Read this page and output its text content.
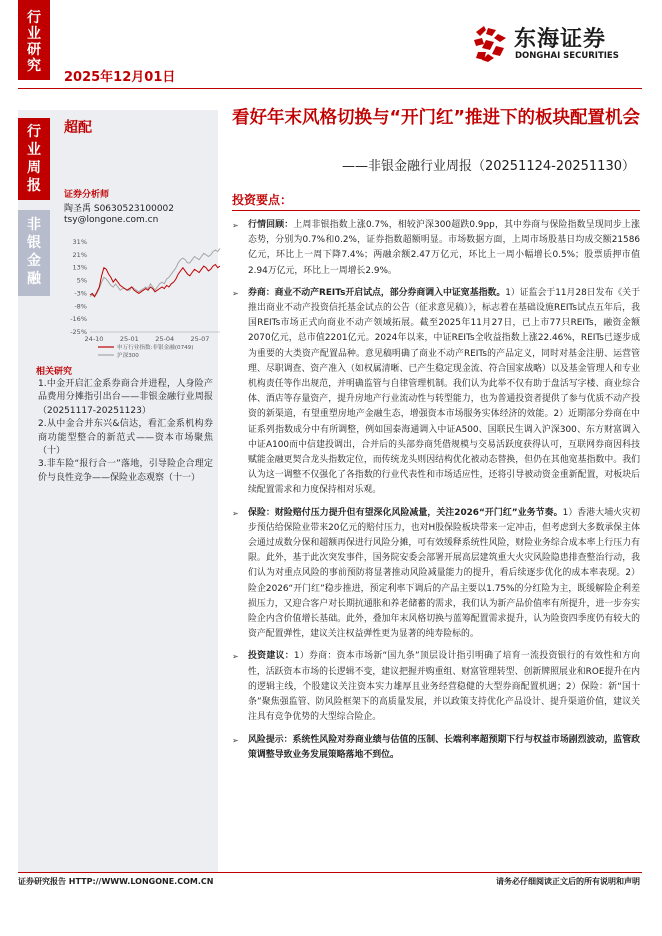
行
业
研
究
东海证券
DONGHAI SECURITIES
2025年12月01日
行
业
周
报
非
银
金
融
超配
证券分析师
陶圣禹 S0630523100002
tsy@longone.com.cn
31%
21%
13%
5%
-3%
-8%
-16%
-25%
24-10	25-01	25-04	25-07
申万行业指数:非银金融(0749)
沪深300
相关研究

1.中金开启汇金系券商合并进程，人身险产品费用分摊指引出台——非银金融行业周报（20251117-20251123）

2.从中金合并东兴&信达，看汇金系机构券商功能型整合的新范式——资本市场聚焦（十）

3.非车险“报行合一”落地，引导险企合理定价与良性竞争——保险业态观察（十一）

看好年末风格切换与“开门红”推进下的板块配置机会
——非银金融行业周报（20251124-20251130）
投资要点：

➢ 行情回顾：上周非银指数上涨0.7%，相较沪深300超跌0.9pp，其中券商与保险指数呈现同步上涨态势，分别为0.7%和0.2%，证券指数超额明显。市场数据方面，上周市场股基日均成交额21586亿元，环比上一周下降7.4%；两融余额2.47万亿元，环比上一周小幅增长0.5%；股票质押市值2.94万亿元，环比上一周增长2.9%。

➢ 券商：商业不动产REITs开启试点，部分券商调入中证宽基指数。1）证监会于11月28日发布《关于推出商业不动产投资信托基金试点的公告（征求意见稿）》，标志着在基础设施REITs试点五年后，我国REITs市场正式向商业不动产领域拓展。截至2025年11月27日，已上市77只REITs，融资金额2070亿元，总市值2201亿元。2024年以来，中证REITs全收益指数上涨22.46%，REITs已逐步成为重要的大类资产配置品种。意见稿明确了商业不动产REITs的产品定义，同时对基金注册、运营管理、尽职调查、资产准入（如权属清晰、已产生稳定现金流、符合国家战略）以及基金管理人和专业机构责任等作出规范，并明确监管与自律管理机制。我们认为此举不仅有助于盘活写字楼、商业综合体、酒店等存量资产，提升房地产行业流动性与转型能力，也为普通投资者提供了参与优质不动产投资的新渠道，有望重塑房地产金融生态，增强资本市场服务实体经济的效能。2）近期部分券商在中证系列指数成分中有所调整，例如国泰海通调入中证A500、国联民生调入沪深300、东方财富调入中证A100而中信建投调出，合并后的头部券商凭借规模与交易活跃度获得认可，互联网券商因科技赋能金融更契合龙头指数定位，而传统龙头则因结构优化被动态替换，但仍在其他宽基指数中。我们认为这一调整不仅强化了各指数的行业代表性和市场适应性，还将引导被动资金重新配置，对板块后续配置需求和力度保持相对乐观。

➢ 保险：财险赔付压力提升但有望深化风险减量，关注2026“开门红”业务节奏。1）香港大埔火灾初步预估给保险业带来20亿元的赔付压力，也对H股保险板块带来一定冲击，但考虑到大多数承保主体会通过成数分保和超额再保进行风险分摊，可有效缓释系统性风险，财险业务综合成本率上行压力有限。此外，基于此次突发事件，国务院安委会部署开展高层建筑重大火灾风险隐患排查整治行动，我们认为对重点风险的事前预防将显著推动风险减量能力的提升，看后续逐步优化的成本率表现。2）险企2026“开门红”稳步推进，预定利率下调后的产品主要以1.75%的分红险为主，既缓解险企利差损压力，又迎合客户对长期抗通胀和养老储蓄的需求，我们认为新产品价值率有所提升，进一步夯实险企内含价值增长基础。此外，叠加年末风格切换与蓝筹配置需求提升，认为险资四季度仍有较大的资产配置弹性，建议关注权益弹性更为显著的纯寿险标的。

➢ 投资建议：1）券商：资本市场新“国九条”顶层设计指引明确了培育一流投资银行的有效性和方向性，活跃资本市场的长逻辑不变，建议把握并购重组、财富管理转型、创新牌照展业和ROE提升在内的逻辑主线，个股建议关注资本实力雄厚且业务经营稳健的大型券商配置机遇；2）保险：新“国十条”聚焦强监管、防风险框架下的高质量发展，并以政策支持优化产品设计、提升渠道价值，建议关注具有竞争优势的大型综合险企。

➢ 风险提示：系统性风险对券商业绩与估值的压制、长端利率超预期下行与权益市场剧烈波动，监管政策调整导致业务发展策略落地不到位。

证券研究报告 HTTP://WWW.LONGONE.COM.CN	请务必仔细阅读正文后的所有说明和声明
